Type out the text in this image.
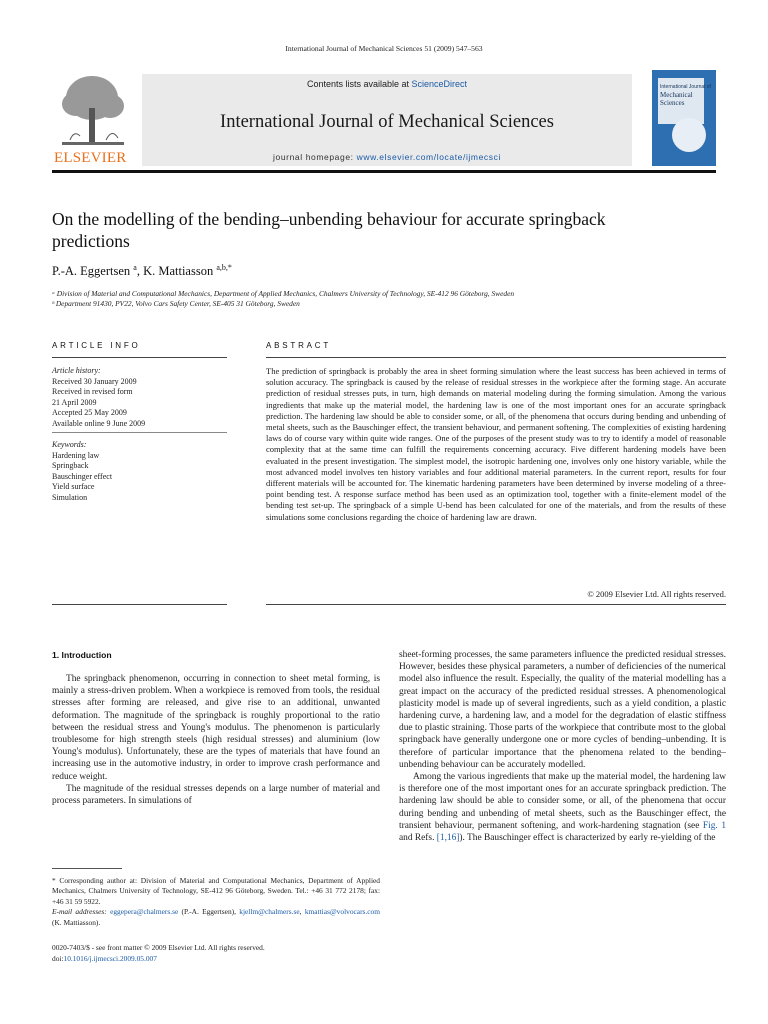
International Journal of Mechanical Sciences 51 (2009) 547–563
ELSEVIER
Contents lists available at ScienceDirect
International Journal of Mechanical Sciences
journal homepage: www.elsevier.com/locate/ijmecsci
International Journal of
Mechanical Sciences
On the modelling of the bending–unbending behaviour for accurate springback predictions
P.-A. Eggertsen $^a$, K. Mattiasson $^{a,b,*}$
ᵃ Division of Material and Computational Mechanics, Department of Applied Mechanics, Chalmers University of Technology, SE-412 96 Göteborg, Sweden
ᵇ Department 91430, PV22, Volvo Cars Safety Center, SE-405 31 Göteborg, Sweden
ARTICLE INFO	ABSTRACT
Article history:
Received 30 January 2009
Received in revised form
21 April 2009
Accepted 25 May 2009
Available online 9 June 2009
Keywords:
Hardening law
Springback
Bauschinger effect
Yield surface
Simulation
The prediction of springback is probably the area in sheet forming simulation where the least success has been achieved in terms of solution accuracy. The springback is caused by the release of residual stresses in the workpiece after the forming stage. An accurate prediction of residual stresses puts, in turn, high demands on material modeling during the forming simulation. Among the various ingredients that make up the material model, the hardening law is one of the most important ones for an accurate springback prediction. The hardening law should be able to consider some, or all, of the phenomena that occurs during bending and unbending of metal sheets, such as the Bauschinger effect, the transient behaviour, and permanent softening. The complexities of existing hardening laws do of course vary within quite wide ranges. One of the purposes of the present study was to try to identify a model of reasonable complexity that at the same time can fulfill the requirements concerning accuracy. Five different hardening models have been evaluated in the present investigation. The simplest model, the isotropic hardening one, involves only one history variable, while the most advanced model involves ten history variables and four additional material parameters. In the current report, results for four different materials will be accounted for. The kinematic hardening parameters have been determined by inverse modeling of a three-point bending test. A response surface method has been used as an optimization tool, together with a finite-element model of the bending test set-up. The springback of a simple U-bend has been calculated for one of the materials, and from the results of these simulations some conclusions regarding the choice of hardening law are drawn.
© 2009 Elsevier Ltd. All rights reserved.
1. Introduction

The springback phenomenon, occurring in connection to sheet metal forming, is mainly a stress-driven problem. When a workpiece is removed from tools, the residual stresses after forming are released, and give rise to an additional, unwanted deformation. The magnitude of the springback is roughly proportional to the ratio between the residual stress and Young's modulus. The phenomenon is particularly troublesome for high strength steels (high residual stresses) and aluminium (low Young's modulus). Unfortunately, these are the types of materials that have found an increasing use in the automotive industry, in order to improve crash performance and reduce weight.

The magnitude of the residual stresses depends on a large number of material and process parameters. In simulations of

sheet-forming processes, the same parameters influence the predicted residual stresses. However, besides these physical parameters, a number of deficiencies of the numerical model also influence the result. Especially, the quality of the material modelling has a great impact on the accuracy of the predicted residual stresses. A phenomenological plasticity model is made up of several ingredients, such as a yield condition, a plastic hardening curve, a hardening law, and a model for the degradation of elastic stiffness due to plastic straining. Those parts of the workpiece that contribute most to the global springback have generally undergone one or more cycles of bending–unbending. It is therefore of particular importance that the phenomena related to the bending–unbending behaviour can be accurately modelled.

Among the various ingredients that make up the material model, the hardening law is therefore one of the most important ones for an accurate springback prediction. The hardening law should be able to consider some, or all, of the phenomena that occur during bending and unbending of metal sheets, such as the Bauschinger effect, the transient behaviour, permanent softening, and work-hardening stagnation (see Fig. 1 and Refs. [1,16]). The Bauschinger effect is characterized by early re-yielding of the

* Corresponding author at: Division of Material and Computational Mechanics, Department of Applied Mechanics, Chalmers University of Technology, SE-412 96 Göteborg, Sweden. Tel.: +46 31 772 2178; fax: +46 31 59 5922.
E-mail addresses: eggepera@chalmers.se (P.-A. Eggertsen), kjellm@chalmers.se, kmattias@volvocars.com (K. Mattiasson).
0020-7403/$ - see front matter © 2009 Elsevier Ltd. All rights reserved.
doi:10.1016/j.ijmecsci.2009.05.007
